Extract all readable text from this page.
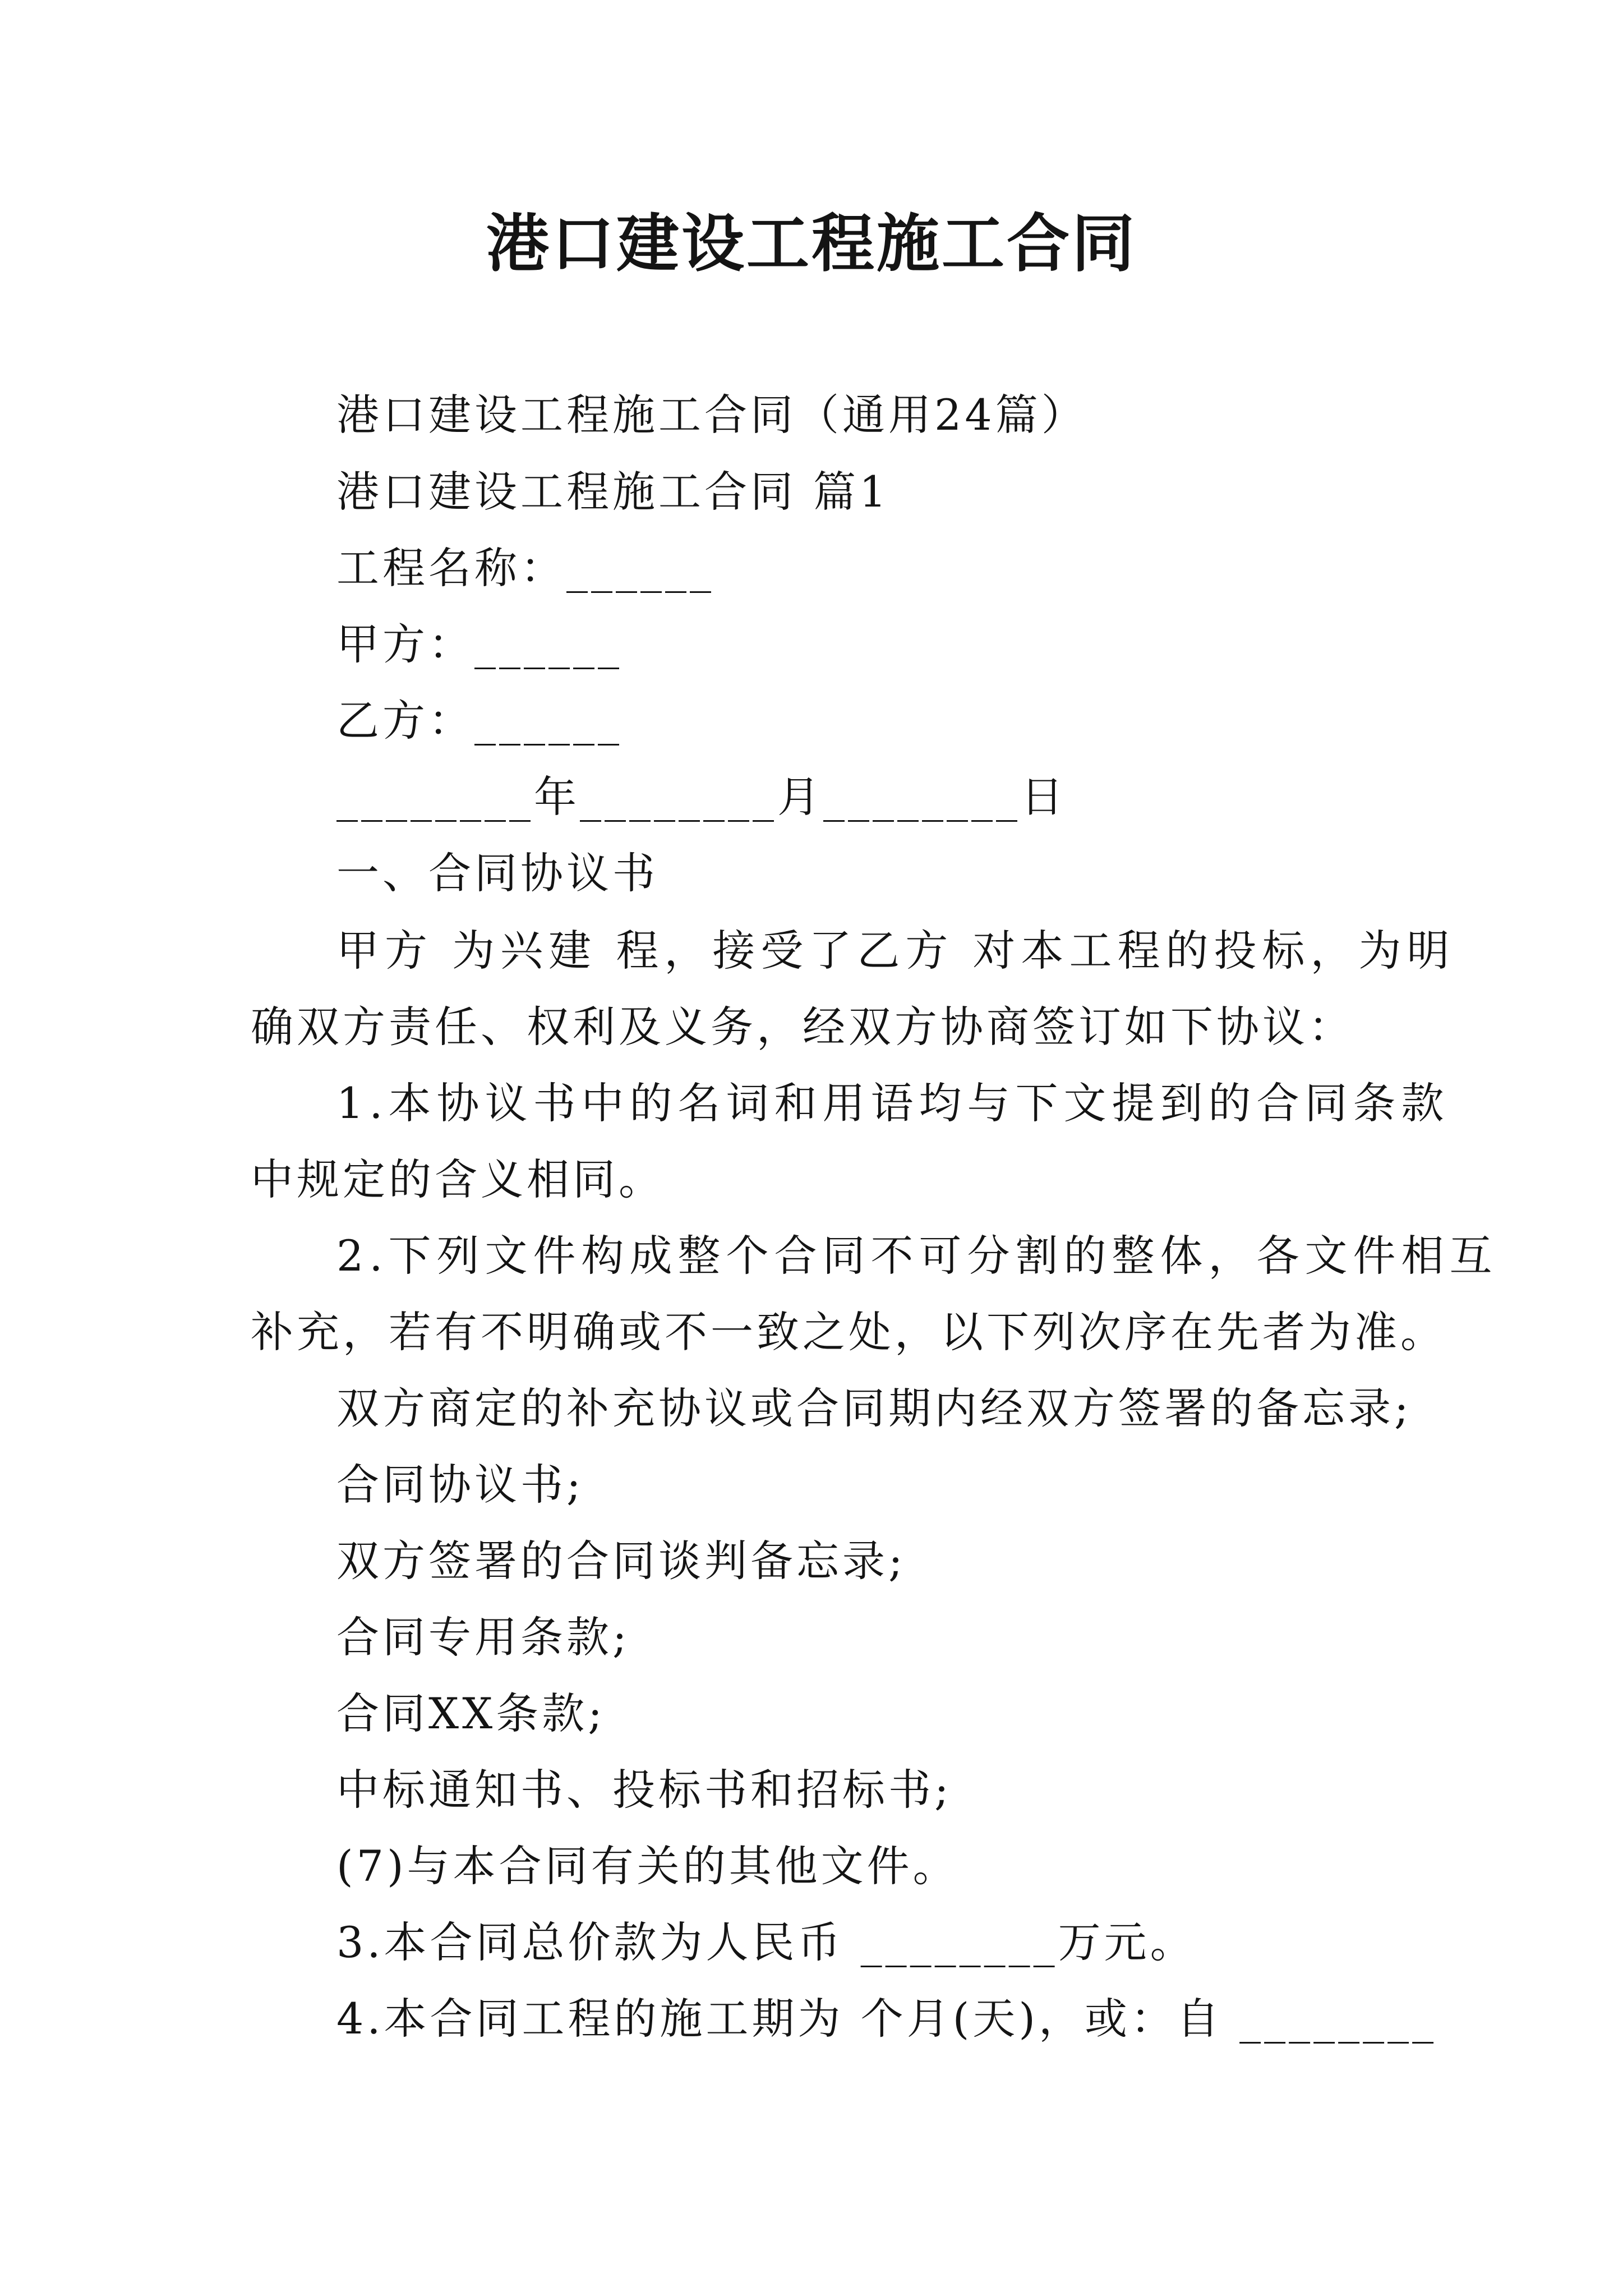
港口建设工程施工合同

港口建设工程施工合同（通用24篇）

港口建设工程施工合同 篇1

工程名称：______

甲方：______

乙方：______

________年________月________日

一、合同协议书

甲方 为兴建 程，接受了乙方 对本工程的投标，为明

确双方责任、权利及义务，经双方协商签订如下协议：

1.本协议书中的名词和用语均与下文提到的合同条款

中规定的含义相同。

2.下列文件构成整个合同不可分割的整体，各文件相互

补充，若有不明确或不一致之处，以下列次序在先者为准。

双方商定的补充协议或合同期内经双方签署的备忘录;

合同协议书;

双方签署的合同谈判备忘录;

合同专用条款;

合同XX条款;

中标通知书、投标书和招标书;

(7)与本合同有关的其他文件。

3.本合同总价款为人民币 ________万元。

4.本合同工程的施工期为 个月(天)，或：自 ________
